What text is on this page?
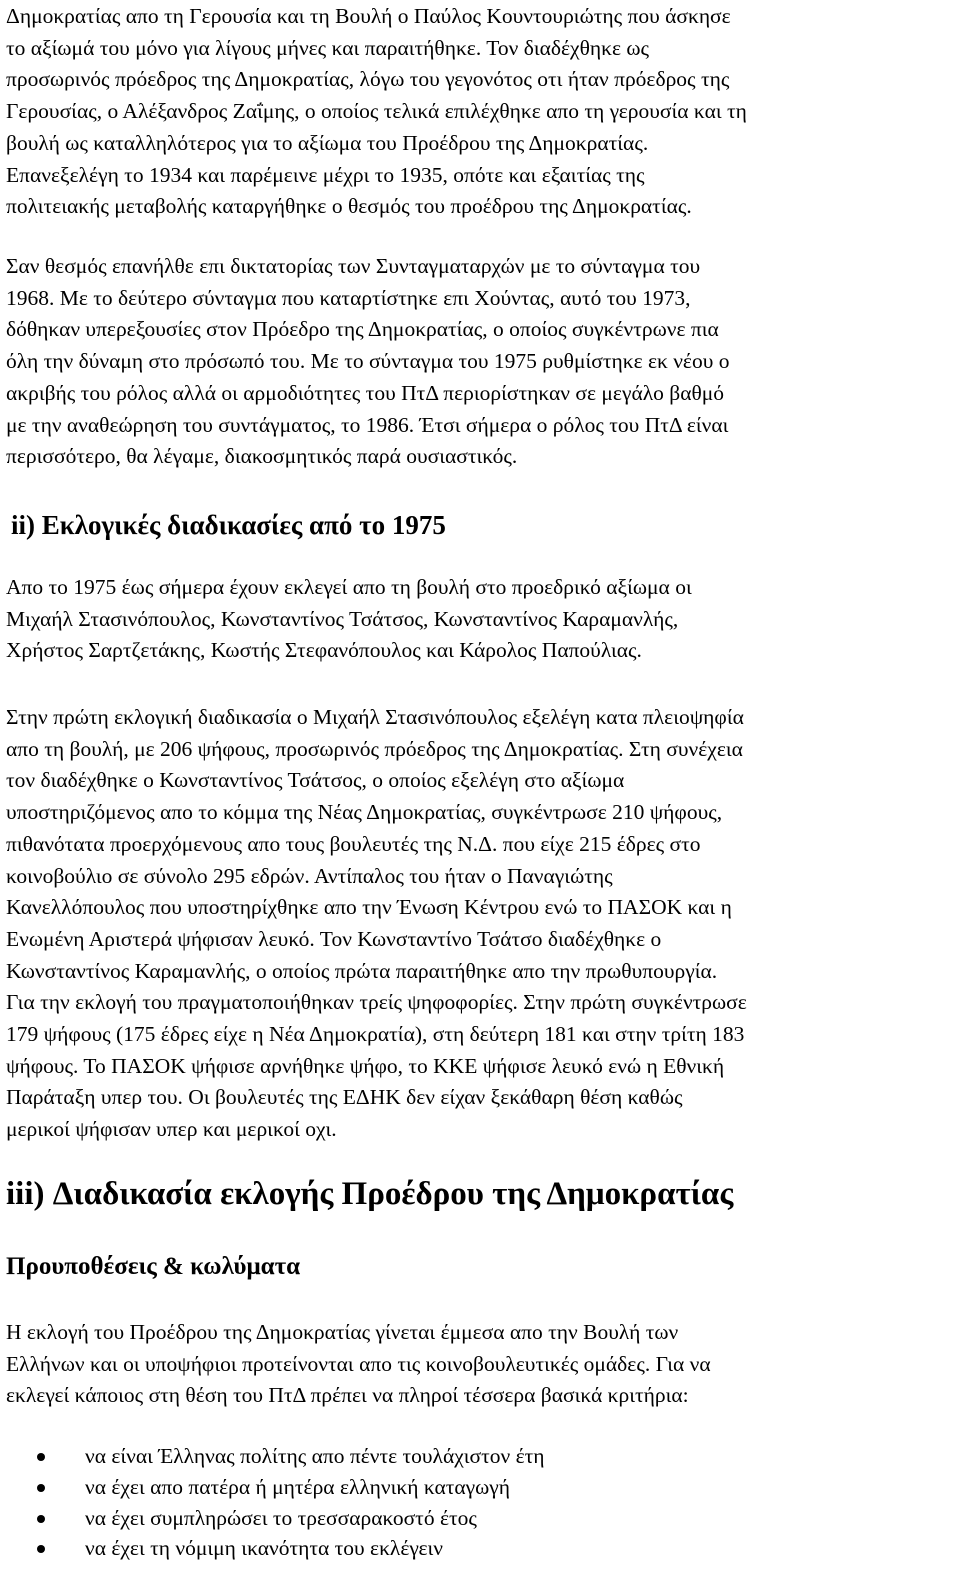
Δημοκρατίας απο τη Γερουσία και τη Βουλή ο Παύλος Κουντουριώτης που άσκησε
το αξίωμά του μόνο για λίγους μήνες και παραιτήθηκε. Τον διαδέχθηκε ως
προσωρινός πρόεδρος της Δημοκρατίας, λόγω του γεγονότος οτι ήταν πρόεδρος της
Γερουσίας, ο Αλέξανδρος Ζαΐμης, ο οποίος τελικά επιλέχθηκε απο τη γερουσία και τη
βουλή ως καταλληλότερος για το αξίωμα του Προέδρου της Δημοκρατίας.
Επανεξελέγη το 1934 και παρέμεινε μέχρι το 1935, οπότε και εξαιτίας της
πολιτειακής μεταβολής καταργήθηκε ο θεσμός του προέδρου της Δημοκρατίας.

Σαν θεσμός επανήλθε επι δικτατορίας των Συνταγματαρχών με το σύνταγμα του
1968. Με το δεύτερο σύνταγμα που καταρτίστηκε επι Χούντας, αυτό του 1973,
δόθηκαν υπερεξουσίες στον Πρόεδρο της Δημοκρατίας, ο οποίος συγκέντρωνε πια
όλη την δύναμη στο πρόσωπό του. Με το σύνταγμα του 1975 ρυθμίστηκε εκ νέου ο
ακριβής του ρόλος αλλά οι αρμοδιότητες του ΠτΔ περιορίστηκαν σε μεγάλο βαθμό
με την αναθεώρηση του συντάγματος, το 1986. Έτσι σήμερα ο ρόλος του ΠτΔ είναι
περισσότερο, θα λέγαμε, διακοσμητικός παρά ουσιαστικός.

ii) Εκλογικές διαδικασίες από το 1975

Απο το 1975 έως σήμερα έχουν εκλεγεί απο τη βουλή στο προεδρικό αξίωμα οι
Μιχαήλ Στασινόπουλος, Κωνσταντίνος Τσάτσος, Κωνσταντίνος Καραμανλής,
Χρήστος Σαρτζετάκης, Κωστής Στεφανόπουλος και Κάρολος Παπούλιας.

Στην πρώτη εκλογική διαδικασία ο Μιχαήλ Στασινόπουλος εξελέγη κατα πλειοψηφία
απο τη βουλή, με 206 ψήφους, προσωρινός πρόεδρος της Δημοκρατίας. Στη συνέχεια
τον διαδέχθηκε ο Κωνσταντίνος Τσάτσος, ο οποίος εξελέγη στο αξίωμα
υποστηριζόμενος απο το κόμμα της Νέας Δημοκρατίας, συγκέντρωσε 210 ψήφους,
πιθανότατα προερχόμενους απο τους βουλευτές της Ν.Δ. που είχε 215 έδρες στο
κοινοβούλιο σε σύνολο 295 εδρών. Αντίπαλος του ήταν ο Παναγιώτης
Κανελλόπουλος που υποστηρίχθηκε απο την Ένωση Κέντρου ενώ το ΠΑΣΟΚ και η
Ενωμένη Αριστερά ψήφισαν λευκό. Τον Κωνσταντίνο Τσάτσο διαδέχθηκε ο
Κωνσταντίνος Καραμανλής, ο οποίος πρώτα παραιτήθηκε απο την πρωθυπουργία.
Για την εκλογή του πραγματοποιήθηκαν τρείς ψηφοφορίες. Στην πρώτη συγκέντρωσε
179 ψήφους (175 έδρες είχε η Νέα Δημοκρατία), στη δεύτερη 181 και στην τρίτη 183
ψήφους. Το ΠΑΣΟΚ ψήφισε αρνήθηκε ψήφο, το ΚΚΕ ψήφισε λευκό ενώ η Εθνική
Παράταξη υπερ του. Οι βουλευτές της ΕΔΗΚ δεν είχαν ξεκάθαρη θέση καθώς
μερικοί ψήφισαν υπερ και μερικοί οχι.

iii) Διαδικασία εκλογής Προέδρου της Δημοκρατίας
Προυποθέσεις & κωλύματα

Η εκλογή του Προέδρου της Δημοκρατίας γίνεται έμμεσα απο την Βουλή των
Ελλήνων και οι υποψήφιοι προτείνονται απο τις κοινοβουλευτικές ομάδες. Για να
εκλεγεί κάποιος στη θέση του ΠτΔ πρέπει να πληροί τέσσερα βασικά κριτήρια:

να είναι Έλληνας πολίτης απο πέντε τουλάχιστον έτη
να έχει απο πατέρα ή μητέρα ελληνική καταγωγή
να έχει συμπληρώσει το τρεσσαρακοστό έτος
να έχει τη νόμιμη ικανότητα του εκλέγειν
